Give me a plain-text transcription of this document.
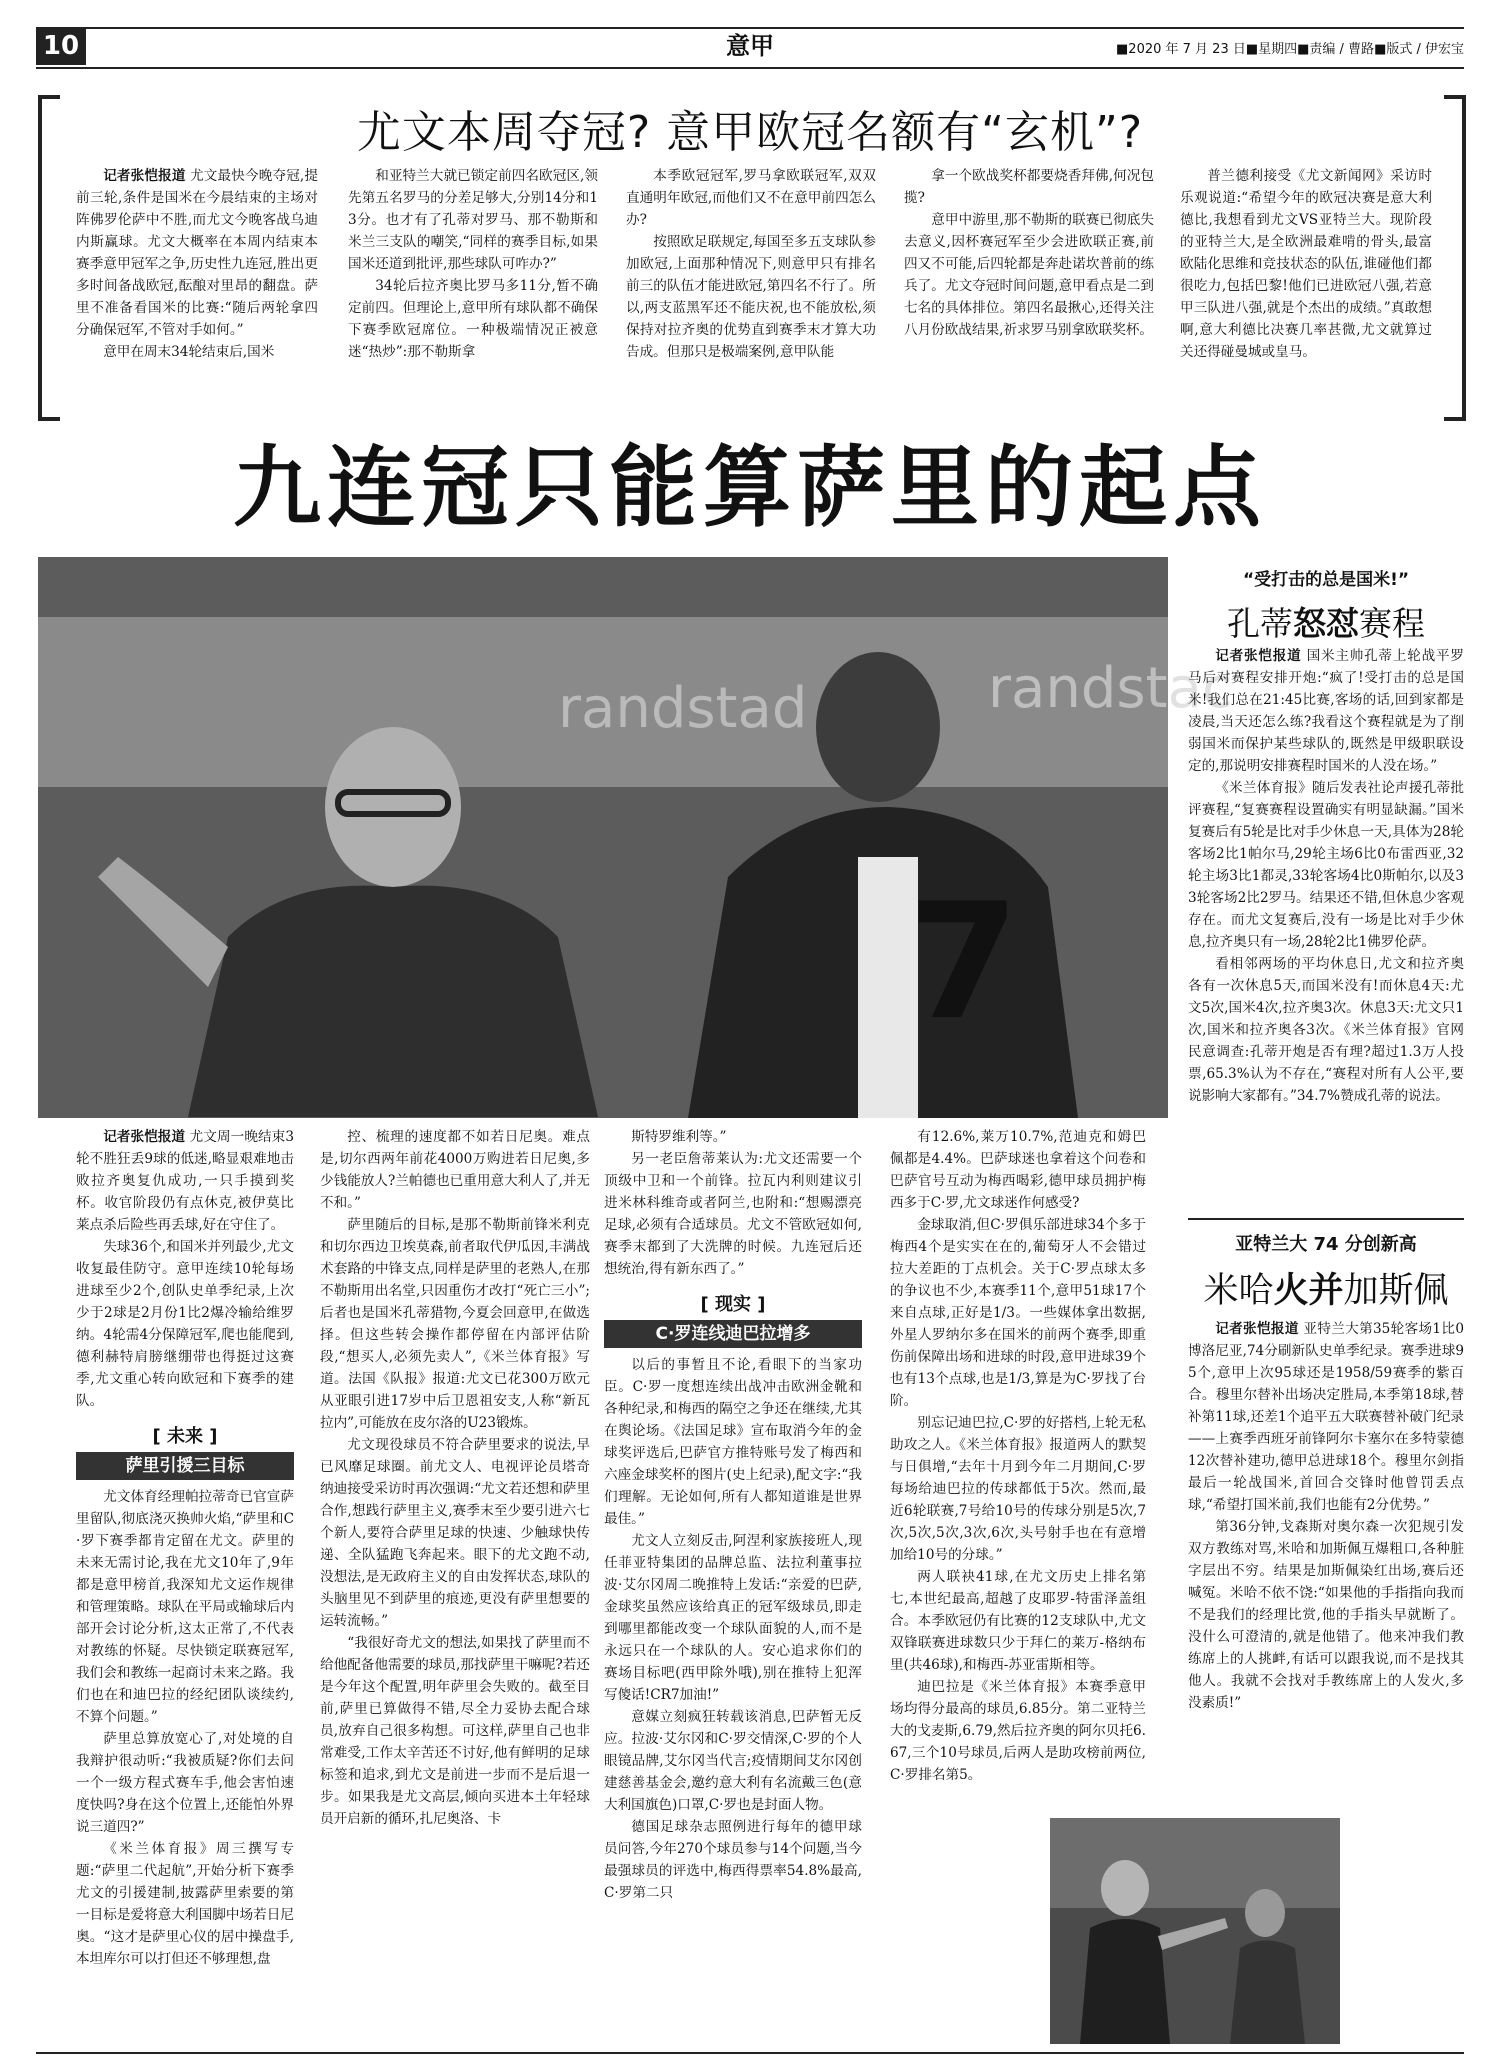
10	意甲	■2020 年 7 月 23 日■星期四■责编 / 曹路■版式 / 伊宏宝
尤文本周夺冠? 意甲欧冠名额有“玄机”?

记者张恺报道 尤文最快今晚夺冠,提前三轮,条件是国米在今晨结束的主场对阵佛罗伦萨中不胜,而尤文今晚客战乌迪内斯赢球。尤文大概率在本周内结束本赛季意甲冠军之争,历史性九连冠,胜出更多时间备战欧冠,酝酿对里昂的翻盘。萨里不准备看国米的比赛:“随后两轮拿四分确保冠军,不管对手如何。”

意甲在周末34轮结束后,国米

和亚特兰大就已锁定前四名欧冠区,领先第五名罗马的分差足够大,分别14分和13分。也才有了孔蒂对罗马、那不勒斯和米兰三支队的嘲笑,“同样的赛季目标,如果国米还道到批评,那些球队可咋办?”

34轮后拉齐奥比罗马多11分,暂不确定前四。但理论上,意甲所有球队都不确保下赛季欧冠席位。一种极端情况正被意迷“热炒”:那不勒斯拿

本季欧冠冠军,罗马拿欧联冠军,双双直通明年欧冠,而他们又不在意甲前四怎么办?

按照欧足联规定,每国至多五支球队参加欧冠,上面那种情况下,则意甲只有排名前三的队伍才能进欧冠,第四名不行了。所以,两支蓝黑军还不能庆祝,也不能放松,须保持对拉齐奥的优势直到赛季末才算大功告成。但那只是极端案例,意甲队能

拿一个欧战奖杯都要烧香拜佛,何况包揽?

意甲中游里,那不勒斯的联赛已彻底失去意义,因杯赛冠军至少会进欧联正赛,前四又不可能,后四轮都是奔赴诺坎普前的练兵了。尤文夺冠时间问题,意甲看点是二到七名的具体排位。第四名最揪心,还得关注八月份欧战结果,祈求罗马别拿欧联奖杯。

普兰德利接受《尤文新闻网》采访时乐观说道:“希望今年的欧冠决赛是意大利德比,我想看到尤文VS亚特兰大。现阶段的亚特兰大,是全欧洲最难啃的骨头,最富欧陆化思维和竞技状态的队伍,谁碰他们都很吃力,包括巴黎!他们已进欧冠八强,若意甲三队进八强,就是个杰出的成绩。”真敢想啊,意大利德比决赛几率甚微,尤文就算过关还得碰曼城或皇马。

九连冠只能算萨里的起点
randstad	randstac
7

记者张恺报道 尤文周一晚结束3轮不胜狂丢9球的低迷,略显艰难地击败拉齐奥复仇成功,一只手摸到奖杯。收官阶段仍有点休克,被伊莫比莱点杀后险些再丢球,好在守住了。

失球36个,和国米并列最少,尤文收复最佳防守。意甲连续10轮每场进球至少2个,创队史单季纪录,上次少于2球是2月份1比2爆冷输给维罗纳。4轮需4分保障冠军,爬也能爬到,德利赫特肩膀继绷带也得挺过这赛季,尤文重心转向欧冠和下赛季的建队。

[ 未来 ]
萨里引援三目标

尤文体育经理帕拉蒂奇已官宣萨里留队,彻底浇灭换帅火焰,“萨里和C·罗下赛季都肯定留在尤文。萨里的未来无需讨论,我在尤文10年了,9年都是意甲榜首,我深知尤文运作规律和管理策略。球队在平局或输球后内部开会讨论分析,这太正常了,不代表对教练的怀疑。尽快锁定联赛冠军,我们会和教练一起商讨未来之路。我们也在和迪巴拉的经纪团队谈续约,不算个问题。”

萨里总算放宽心了,对处境的自我辩护很动听:“我被质疑?你们去问一个一级方程式赛车手,他会害怕速度快吗?身在这个位置上,还能怕外界说三道四?”

《米兰体育报》周三撰写专题:“萨里二代起航”,开始分析下赛季尤文的引援建制,披露萨里索要的第一目标是爱将意大利国脚中场若日尼奥。“这才是萨里心仪的居中操盘手,本坦库尔可以打但还不够理想,盘

控、梳理的速度都不如若日尼奥。难点是,切尔西两年前花4000万购进若日尼奥,多少钱能放人?兰帕德也已重用意大利人了,并无不和。”

萨里随后的目标,是那不勒斯前锋米利克和切尔西边卫埃莫森,前者取代伊瓜因,丰满战术套路的中锋支点,同样是萨里的老熟人,在那不勒斯用出名堂,只因重伤才改打“死亡三小”;后者也是国米孔蒂猎物,今夏会回意甲,在做选择。但这些转会操作都停留在内部评估阶段,“想买人,必须先卖人”,《米兰体育报》写道。法国《队报》报道:尤文已花300万欧元从亚眼引进17岁中后卫恩祖安支,人称“新瓦拉内”,可能放在皮尔洛的U23锻炼。

尤文现役球员不符合萨里要求的说法,早已风靡足球圈。前尤文人、电视评论员塔奇纳迪接受采访时再次强调:“尤文若还想和萨里合作,想践行萨里主义,赛季末至少要引进六七个新人,要符合萨里足球的快速、少触球快传递、全队猛跑飞奔起来。眼下的尤文跑不动,没想法,是无政府主义的自由发挥状态,球队的头脑里见不到萨里的痕迹,更没有萨里想要的运转流畅。”

“我很好奇尤文的想法,如果找了萨里而不给他配备他需要的球员,那找萨里干嘛呢?若还是今年这个配置,明年萨里会失败的。截至目前,萨里已算做得不错,尽全力妥协去配合球员,放弃自己很多构想。可这样,萨里自己也非常难受,工作太辛苦还不讨好,他有鲜明的足球标签和追求,到尤文是前进一步而不是后退一步。如果我是尤文高层,倾向买进本土年轻球员开启新的循环,扎尼奥洛、卡

斯特罗维利等。”

另一老臣詹蒂莱认为:尤文还需要一个顶级中卫和一个前锋。拉瓦内利则建议引进米林科维奇或者阿兰,也附和:“想赐漂亮足球,必须有合适球员。尤文不管欧冠如何,赛季末都到了大洗牌的时候。九连冠后还想统治,得有新东西了。”

[ 现实 ]
C·罗连线迪巴拉增多

以后的事暂且不论,看眼下的当家功臣。C·罗一度想连续出战冲击欧洲金靴和各种纪录,和梅西的隔空之争还在继续,尤其在舆论场。《法国足球》宣布取消今年的金球奖评选后,巴萨官方推特账号发了梅西和六座金球奖杯的图片(史上纪录),配文字:“我们理解。无论如何,所有人都知道谁是世界最佳。”

尤文人立刻反击,阿涅利家族接班人,现任菲亚特集团的品牌总监、法拉利董事拉波·艾尔冈周二晚推特上发话:“亲爱的巴萨,金球奖虽然应该给真正的冠军级球员,即走到哪里都能改变一个球队面貌的人,而不是永远只在一个球队的人。安心追求你们的赛场目标吧(西甲除外哦),别在推特上犯浑写傻话!CR7加油!”

意媒立刻疯狂转载该消息,巴萨暂无反应。拉波·艾尔冈和C·罗交情深,C·罗的个人眼镜品牌,艾尔冈当代言;疫情期间艾尔冈创建慈善基金会,邀约意大利有名流戴三色(意大利国旗色)口罩,C·罗也是封面人物。

德国足球杂志照例进行每年的德甲球员问答,今年270个球员参与14个问题,当今最强球员的评选中,梅西得票率54.8%最高,C·罗第二只

有12.6%,莱万10.7%,范迪克和姆巴佩都是4.4%。巴萨球迷也拿着这个问卷和巴萨官号互动为梅西喝彩,德甲球员拥护梅西多于C·罗,尤文球迷作何感受?

金球取消,但C·罗俱乐部进球34个多于梅西4个是实实在在的,葡萄牙人不会错过拉大差距的丁点机会。关于C·罗点球太多的争议也不少,本赛季11个,意甲51球17个来自点球,正好是1/3。一些媒体拿出数据,外星人罗纳尔多在国米的前两个赛季,即重伤前保障出场和进球的时段,意甲进球39个也有13个点球,也是1/3,算是为C·罗找了台阶。

别忘记迪巴拉,C·罗的好搭档,上轮无私助攻之人。《米兰体育报》报道两人的默契与日俱增,“去年十月到今年二月期间,C·罗每场给迪巴拉的传球都低于5次。然而,最近6轮联赛,7号给10号的传球分别是5次,7次,5次,5次,3次,6次,头号射手也在有意增加给10号的分球。”

两人联袂41球,在尤文历史上排名第七,本世纪最高,超越了皮耶罗-特雷泽盖组合。本季欧冠仍有比赛的12支球队中,尤文双锋联赛进球数只少于拜仁的莱万-格纳布里(共46球),和梅西-苏亚雷斯相等。

迪巴拉是《米兰体育报》本赛季意甲场均得分最高的球员,6.85分。第二亚特兰大的戈麦斯,6.79,然后拉齐奥的阿尔贝托6.67,三个10号球员,后两人是助攻榜前两位,C·罗排名第5。

“受打击的总是国米!”
孔蒂怒怼赛程

记者张恺报道 国米主帅孔蒂上轮战平罗马后对赛程安排开炮:“疯了!受打击的总是国米!我们总在21:45比赛,客场的话,回到家都是凌晨,当天还怎么练?我看这个赛程就是为了削弱国米而保护某些球队的,既然是甲级职联设定的,那说明安排赛程时国米的人没在场。”

《米兰体育报》随后发表社论声援孔蒂批评赛程,“复赛赛程设置确实有明显缺漏。”国米复赛后有5轮是比对手少休息一天,具体为28轮客场2比1帕尔马,29轮主场6比0布雷西亚,32轮主场3比1都灵,33轮客场4比0斯帕尔,以及33轮客场2比2罗马。结果还不错,但休息少客观存在。而尤文复赛后,没有一场是比对手少休息,拉齐奥只有一场,28轮2比1佛罗伦萨。

看相邻两场的平均休息日,尤文和拉齐奥各有一次休息5天,而国米没有!而休息4天:尤文5次,国米4次,拉齐奥3次。休息3天:尤文只1次,国米和拉齐奥各3次。《米兰体育报》官网民意调查:孔蒂开炮是否有理?超过1.3万人投票,65.3%认为不存在,“赛程对所有人公平,要说影响大家都有。”34.7%赞成孔蒂的说法。

亚特兰大 74 分创新高
米哈火并加斯佩

记者张恺报道 亚特兰大第35轮客场1比0博洛尼亚,74分刷新队史单季纪录。赛季进球95个,意甲上次95球还是1958/59赛季的紫百合。穆里尔替补出场决定胜局,本季第18球,替补第11球,还差1个追平五大联赛替补破门纪录——上赛季西班牙前锋阿尔卡塞尔在多特蒙德12次替补建功,德甲总进球18个。穆里尔剑指最后一轮战国米,首回合交锋时他曾罚丢点球,“希望打国米前,我们也能有2分优势。”

第36分钟,戈森斯对奥尔森一次犯规引发双方教练对骂,米哈和加斯佩互爆粗口,各种脏字层出不穷。结果是加斯佩染红出场,赛后还喊冤。米哈不依不饶:“如果他的手指指向我而不是我们的经理比赏,他的手指头早就断了。没什么可澄清的,就是他错了。他来冲我们教练席上的人挑衅,有话可以跟我说,而不是找其他人。我就不会找对手教练席上的人发火,多没素质!”
